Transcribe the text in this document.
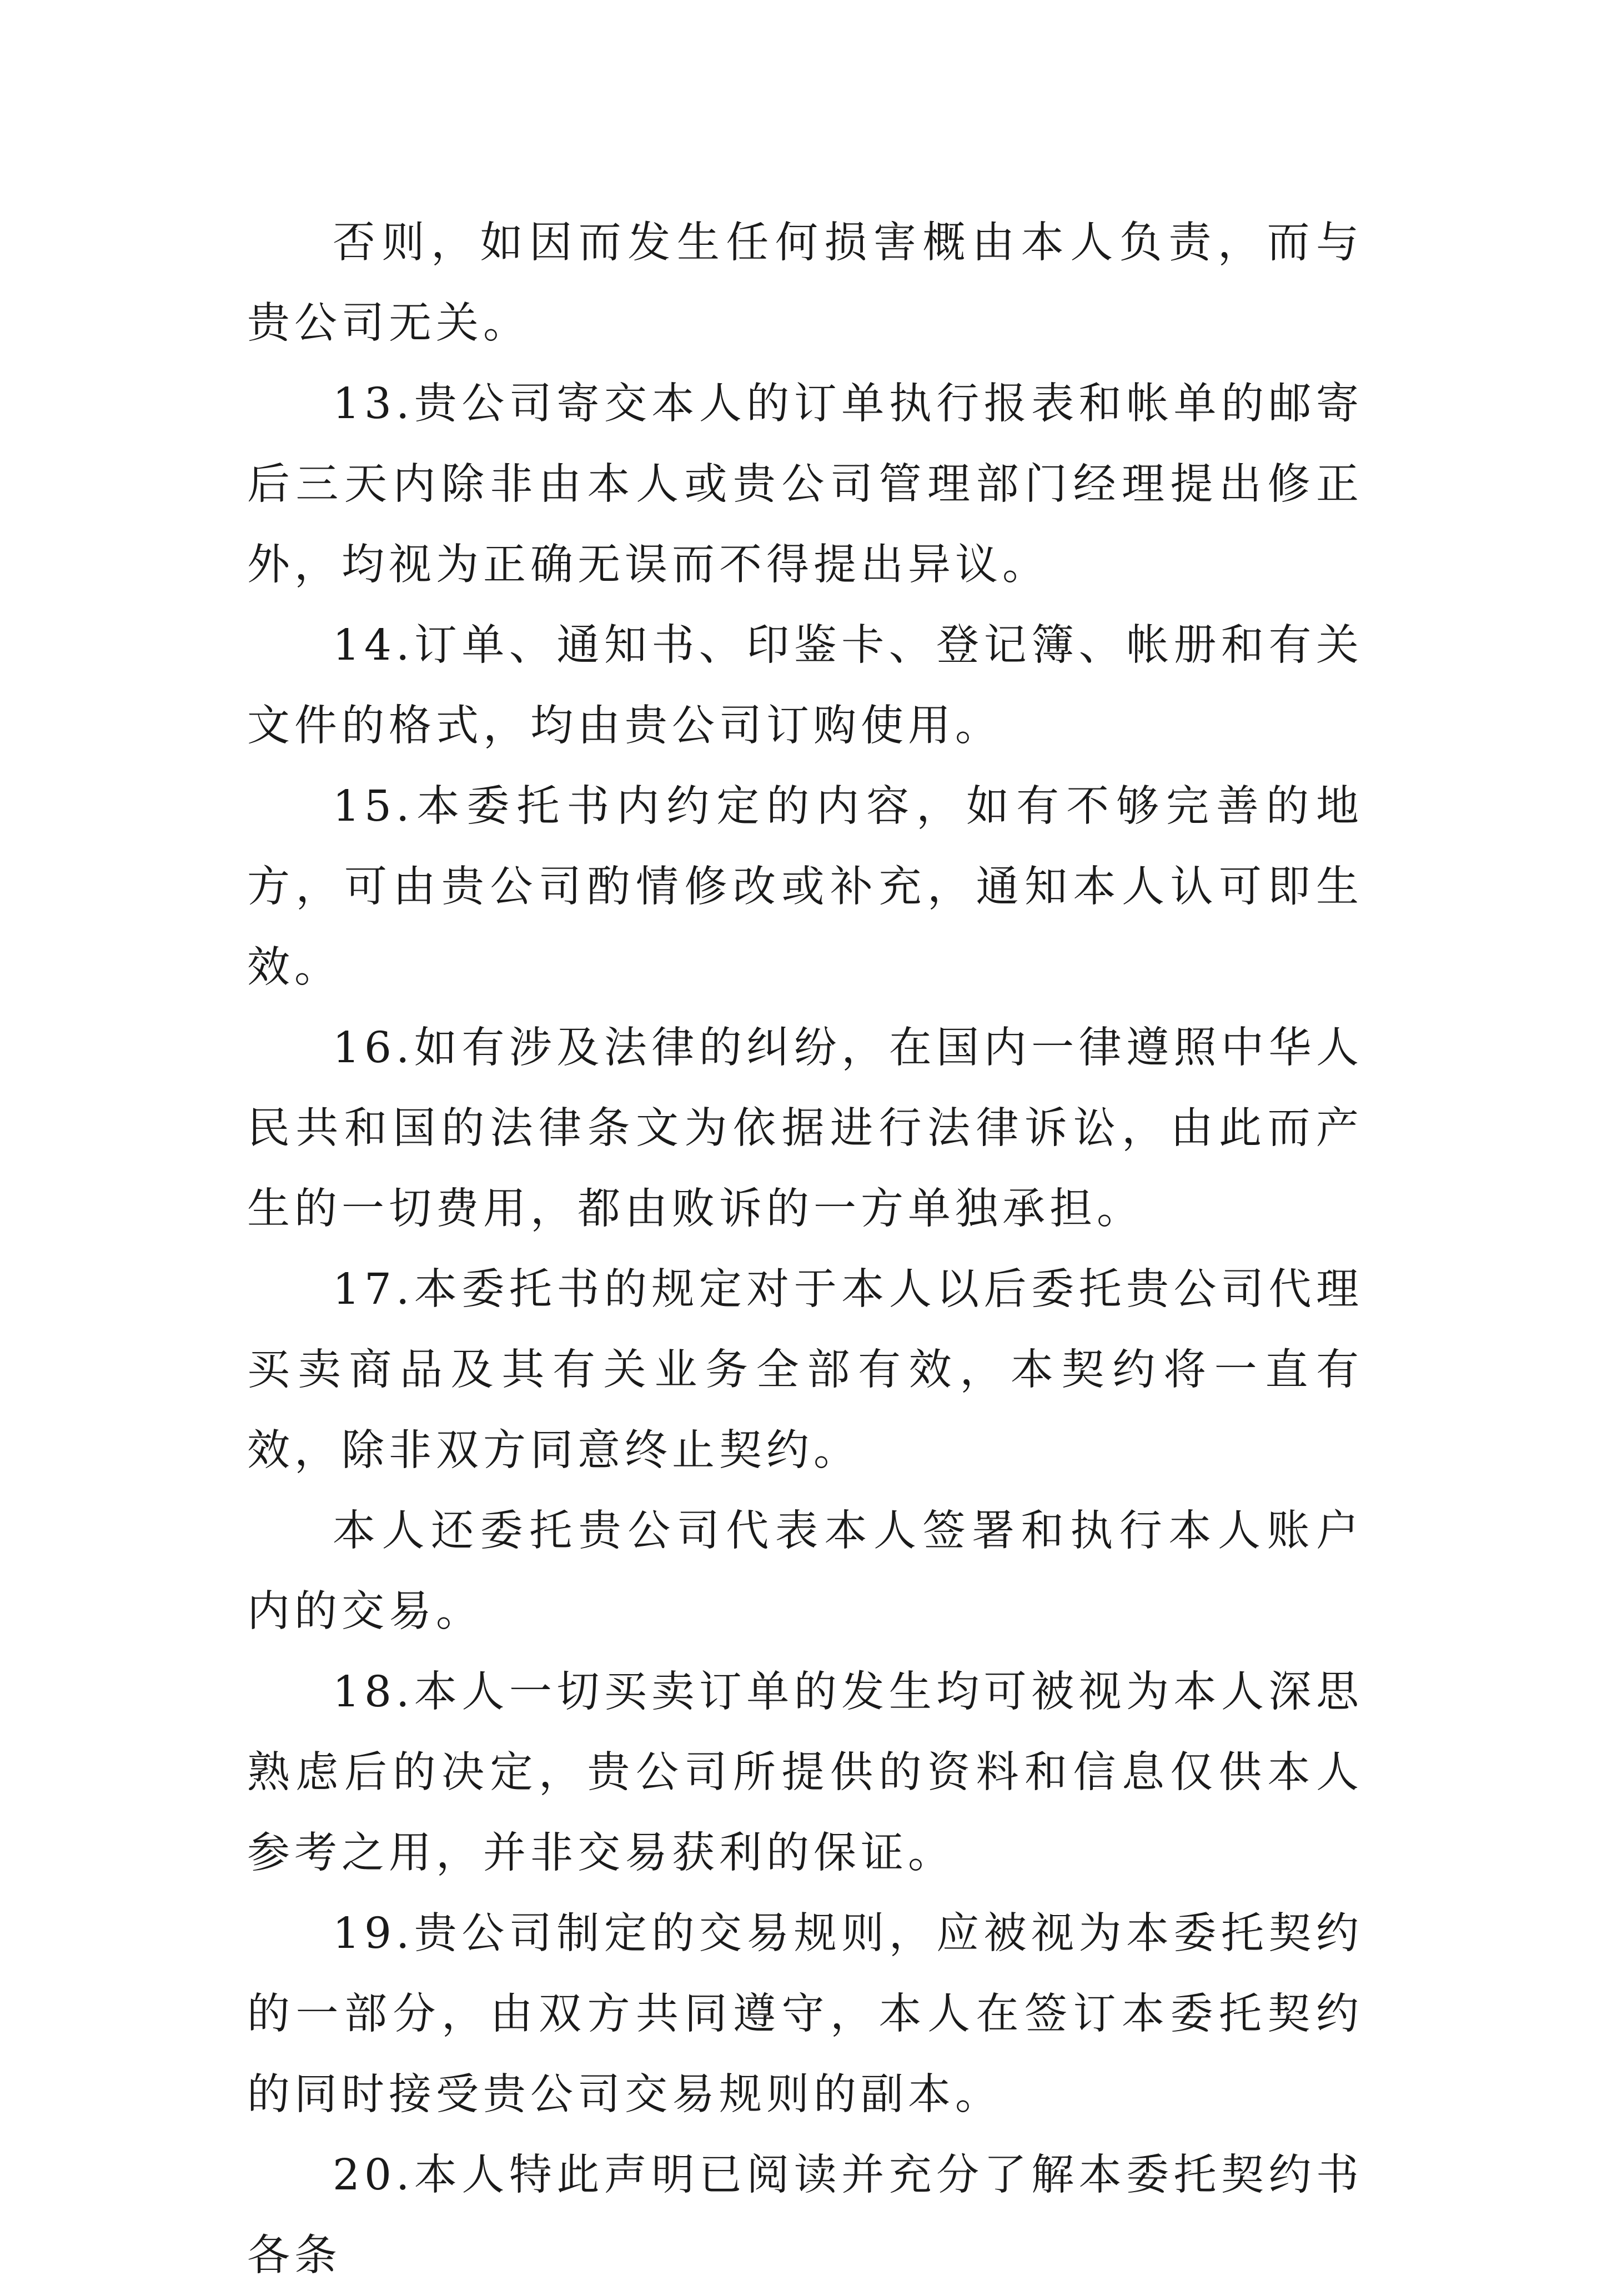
否则，如因而发生任何损害概由本人负责，而与贵公司无关。

13.贵公司寄交本人的订单执行报表和帐单的邮寄后三天内除非由本人或贵公司管理部门经理提出修正外，均视为正确无误而不得提出异议。

14.订单、通知书、印鉴卡、登记簿、帐册和有关文件的格式，均由贵公司订购使用。

15.本委托书内约定的内容，如有不够完善的地方，可由贵公司酌情修改或补充，通知本人认可即生效。

16.如有涉及法律的纠纷，在国内一律遵照中华人民共和国的法律条文为依据进行法律诉讼，由此而产生的一切费用，都由败诉的一方单独承担。

17.本委托书的规定对于本人以后委托贵公司代理买卖商品及其有关业务全部有效，本契约将一直有效，除非双方同意终止契约。

本人还委托贵公司代表本人签署和执行本人账户内的交易。

18.本人一切买卖订单的发生均可被视为本人深思熟虑后的决定，贵公司所提供的资料和信息仅供本人参考之用，并非交易获利的保证。

19.贵公司制定的交易规则，应被视为本委托契约的一部分，由双方共同遵守，本人在签订本委托契约的同时接受贵公司交易规则的副本。

20.本人特此声明已阅读并充分了解本委托契约书各条
